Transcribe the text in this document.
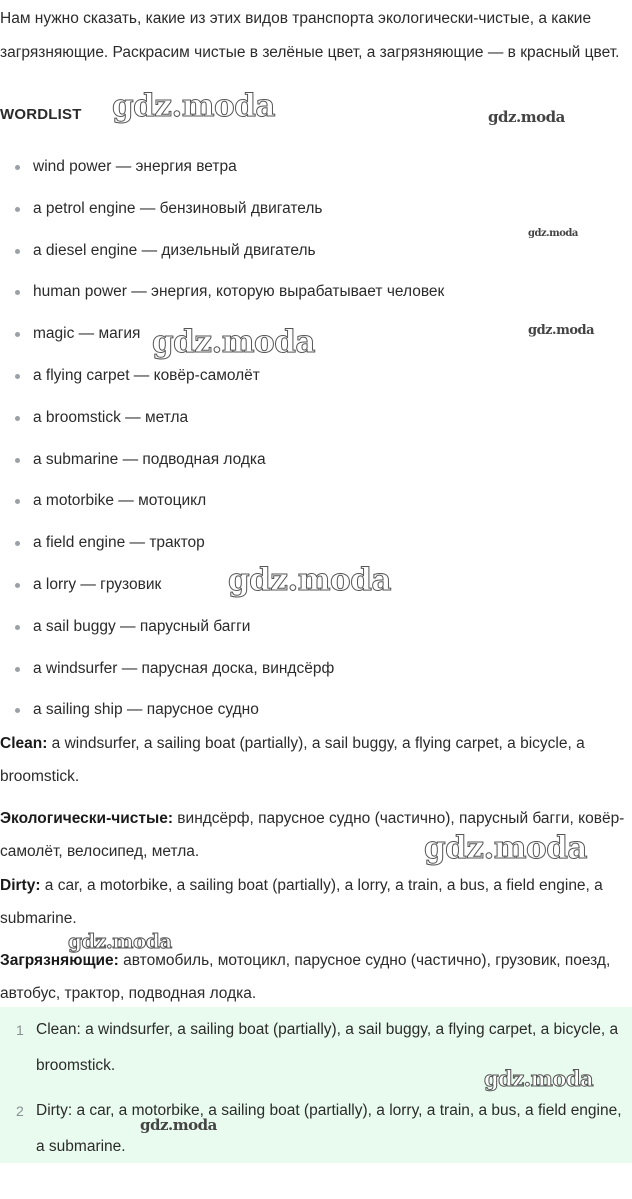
Нам нужно сказать, какие из этих видов транспорта экологически-чистые, а какие загрязняющие. Раскрасим чистые в зелёные цвет, а загрязняющие — в красный цвет.

WORDLIST

wind power — энергия ветра
a petrol engine — бензиновый двигатель
a diesel engine — дизельный двигатель
human power — энергия, которую вырабатывает человек
magic — магия
a flying carpet — ковёр-самолёт
a broomstick — метла
a submarine — подводная лодка
a motorbike — мотоцикл
a field engine — трактор
a lorry — грузовик
a sail buggy — парусный багги
a windsurfer — парусная доска, виндсёрф
a sailing ship — парусное судно

Clean: a windsurfer, a sailing boat (partially), a sail buggy, a flying carpet, a bicycle, a broomstick.

Экологически-чистые: виндсёрф, парусное судно (частично), парусный багги, ковёр-самолёт, велосипед, метла.

Dirty: a car, a motorbike, a sailing boat (partially), a lorry, a train, a bus, a field engine, a submarine.

Загрязняющие: автомобиль, мотоцикл, парусное судно (частично), грузовик, поезд, автобус, трактор, подводная лодка.

1 Clean: a windsurfer, a sailing boat (partially), a sail buggy, a flying carpet, a bicycle, a broomstick.
2 Dirty: a car, a motorbike, a sailing boat (partially), a lorry, a train, a bus, a field engine, a submarine.
gdz.moda	gdz.moda
gdz.moda
gdz.moda	gdz.moda
gdz.moda
gdz.moda
gdz.moda
gdz.moda
gdz.moda
